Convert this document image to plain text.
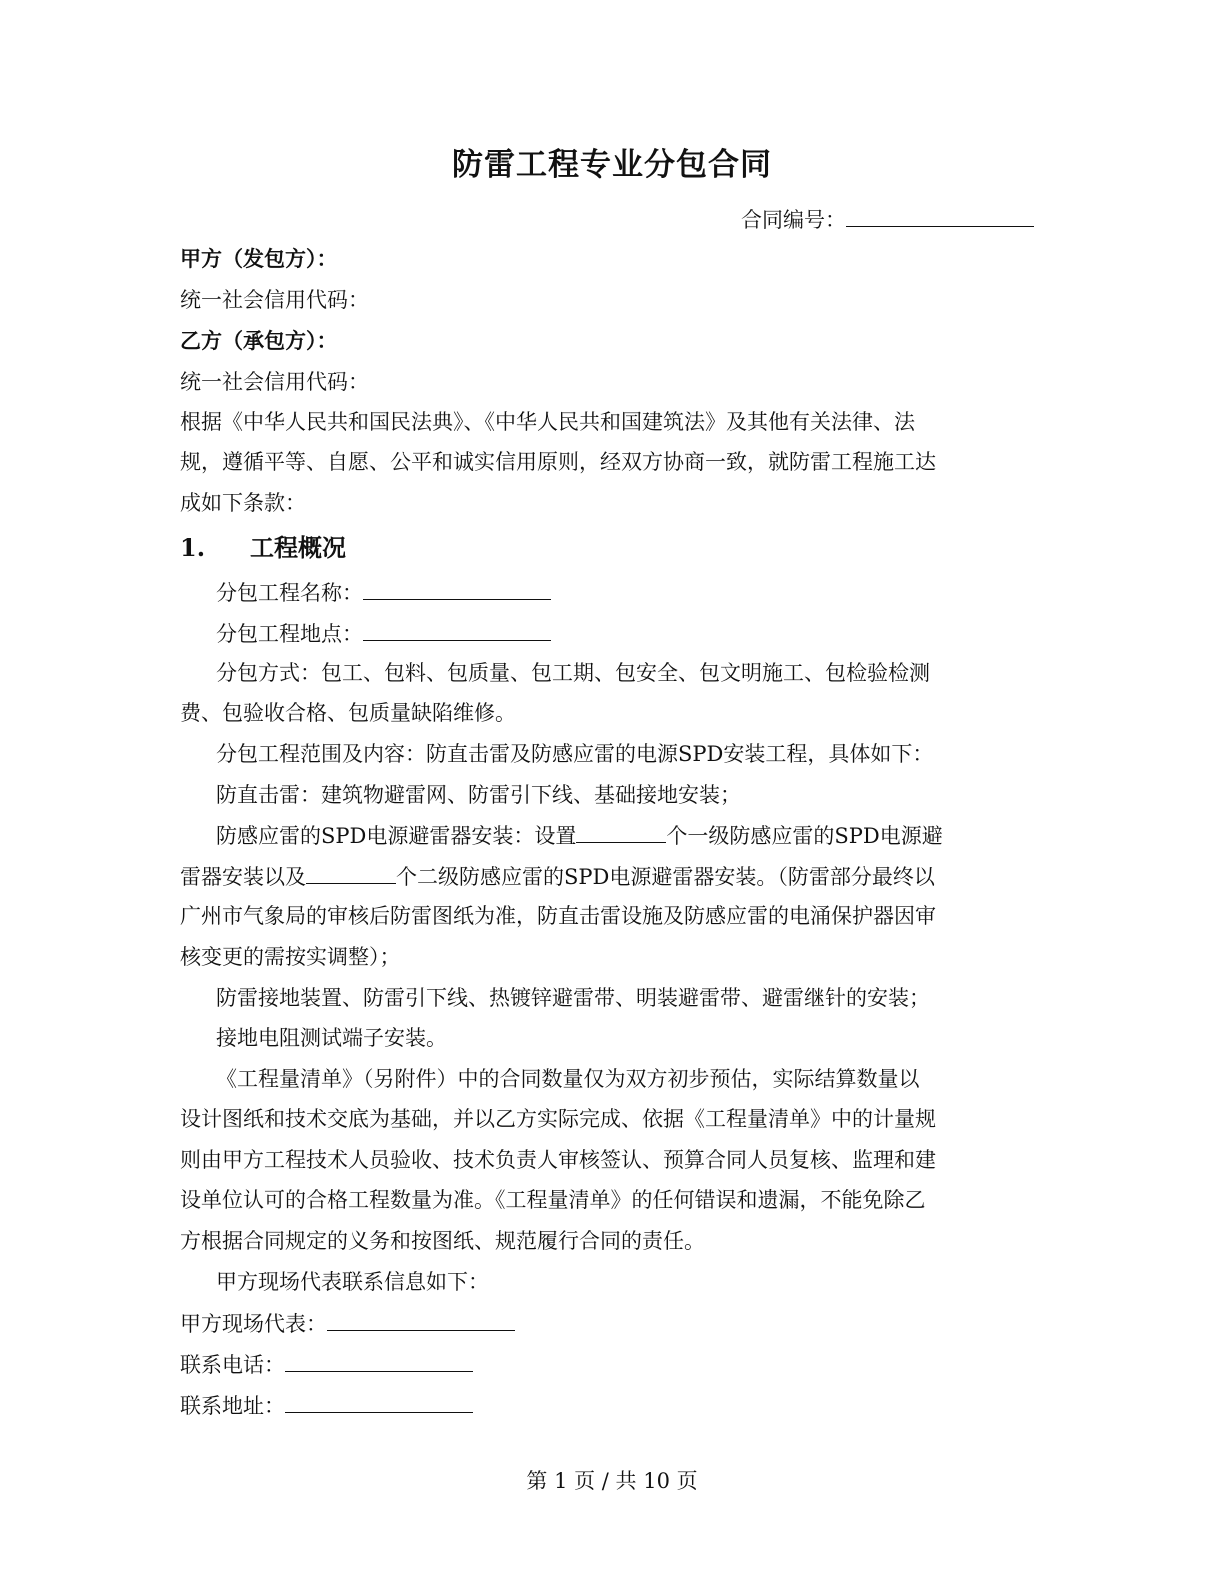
防雷工程专业分包合同
合同编号：
甲方（发包方）：
统一社会信用代码：
乙方（承包方）：
统一社会信用代码：
根据《中华人民共和国民法典》、《中华人民共和国建筑法》及其他有关法律、法
规，遵循平等、自愿、公平和诚实信用原则，经双方协商一致，就防雷工程施工达
成如下条款：
1. 工程概况
分包工程名称：
分包工程地点：
分包方式：包工、包料、包质量、包工期、包安全、包文明施工、包检验检测
费、包验收合格、包质量缺陷维修。
分包工程范围及内容：防直击雷及防感应雷的电源SPD安装工程，具体如下：
防直击雷：建筑物避雷网、防雷引下线、基础接地安装；
防感应雷的SPD电源避雷器安装：设置	个一级防感应雷的SPD电源避
雷器安装以及	个二级防感应雷的SPD电源避雷器安装。（防雷部分最终以
广州市气象局的审核后防雷图纸为准，防直击雷设施及防感应雷的电涌保护器因审
核变更的需按实调整）；
防雷接地装置、防雷引下线、热镀锌避雷带、明装避雷带、避雷继针的安装；
接地电阻测试端子安装。
《工程量清单》（另附件）中的合同数量仅为双方初步预估，实际结算数量以
设计图纸和技术交底为基础，并以乙方实际完成、依据《工程量清单》中的计量规
则由甲方工程技术人员验收、技术负责人审核签认、预算合同人员复核、监理和建
设单位认可的合格工程数量为准。《工程量清单》的任何错误和遗漏，不能免除乙
方根据合同规定的义务和按图纸、规范履行合同的责任。
甲方现场代表联系信息如下：
甲方现场代表：
联系电话：
联系地址：
第 1 页 / 共 10 页
